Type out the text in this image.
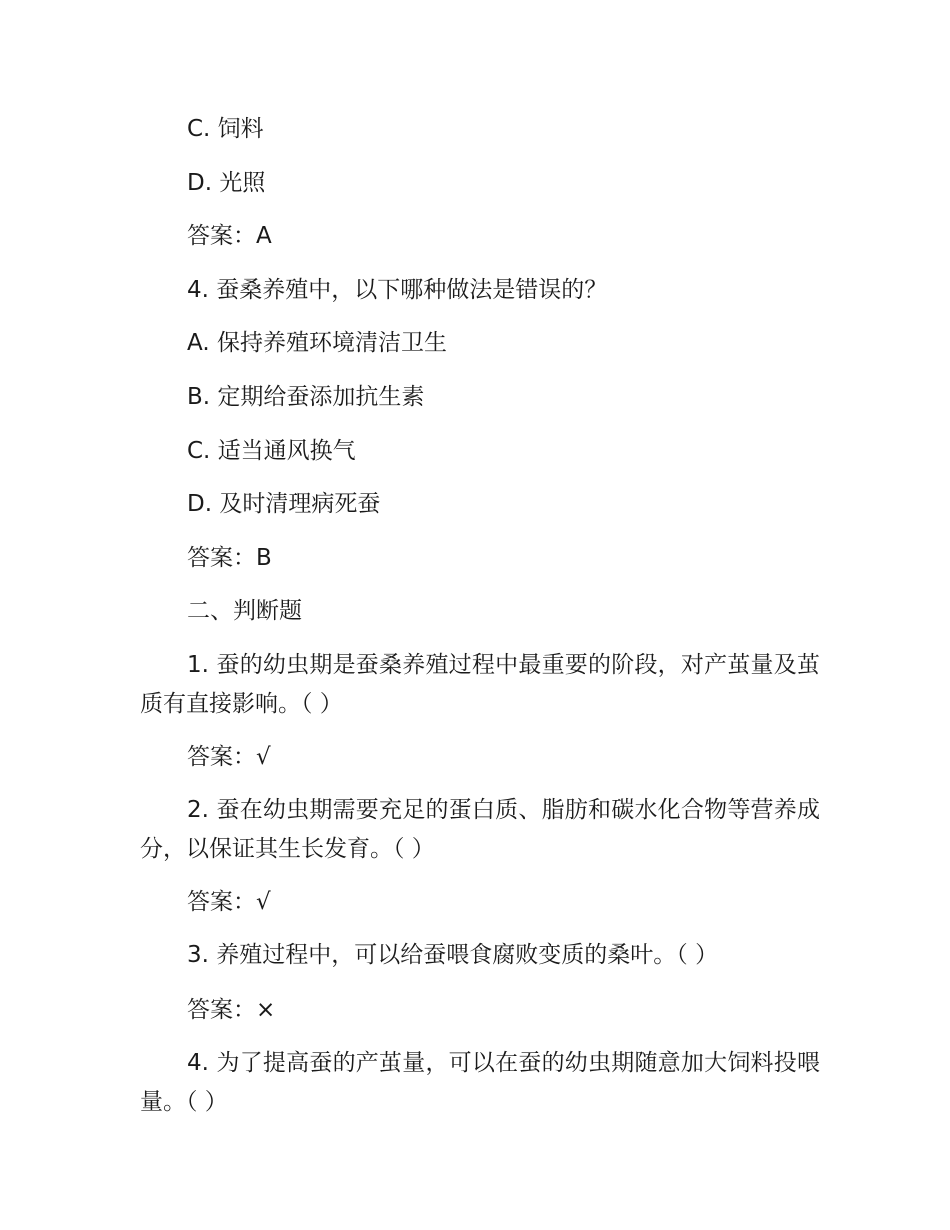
C. 饲料
D. 光照
答案：A
4. 蚕桑养殖中，以下哪种做法是错误的？
A. 保持养殖环境清洁卫生
B. 定期给蚕添加抗生素
C. 适当通风换气
D. 及时清理病死蚕
答案：B
二、判断题
1. 蚕的幼虫期是蚕桑养殖过程中最重要的阶段，对产茧量及茧质有直接影响。（ ）
答案：√
2. 蚕在幼虫期需要充足的蛋白质、脂肪和碳水化合物等营养成分，以保证其生长发育。（ ）
答案：√
3. 养殖过程中，可以给蚕喂食腐败变质的桑叶。（ ）
答案：×
4. 为了提高蚕的产茧量，可以在蚕的幼虫期随意加大饲料投喂量。（ ）
